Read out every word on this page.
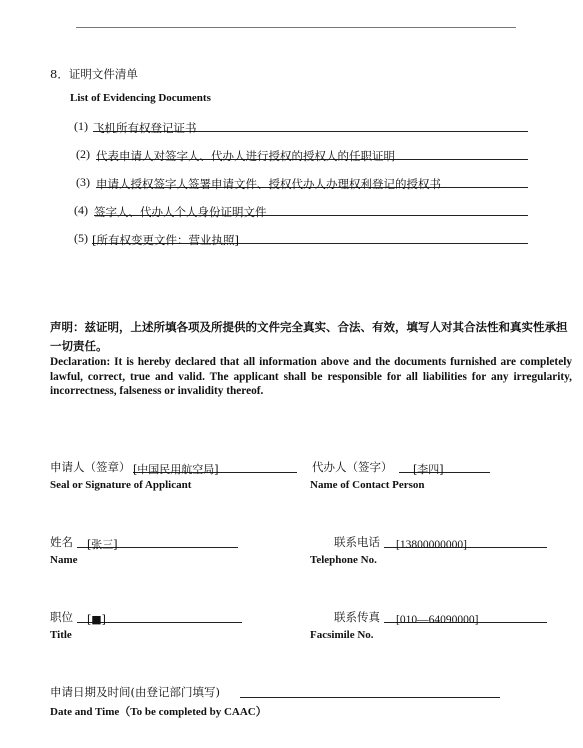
8．证明文件清单
List of Evidencing Documents
(1) 飞机所有权登记证书
(2) 代表申请人对签字人、代办人进行授权的授权人的任职证明
(3) 申请人授权签字人签署申请文件、授权代办人办理权利登记的授权书
(4) 签字人、代办人个人身份证明文件
(5) [所有权变更文件：营业执照]
声明：兹证明，上述所填各项及所提供的文件完全真实、合法、有效，填写人对其合法性和真实性承担一切责任。
Declaration: It is hereby declared that all information above and the documents furnished are completely lawful, correct, true and valid. The applicant shall be responsible for all liabilities for any irregularity, incorrectness, falseness or invalidity thereof.
申请人（签章） [中国民用航空局]
Seal or Signature of Applicant
代办人（签字）	[李四]
Name of Contact Person
姓名	[张三]
Name
联系电话	[13800000000]
Telephone No.
职位	[■]
Title
联系传真	[010—64090000]
Facsimile No.
申请日期及时间(由登记部门填写)
Date and Time（To be completed by CAAC）
